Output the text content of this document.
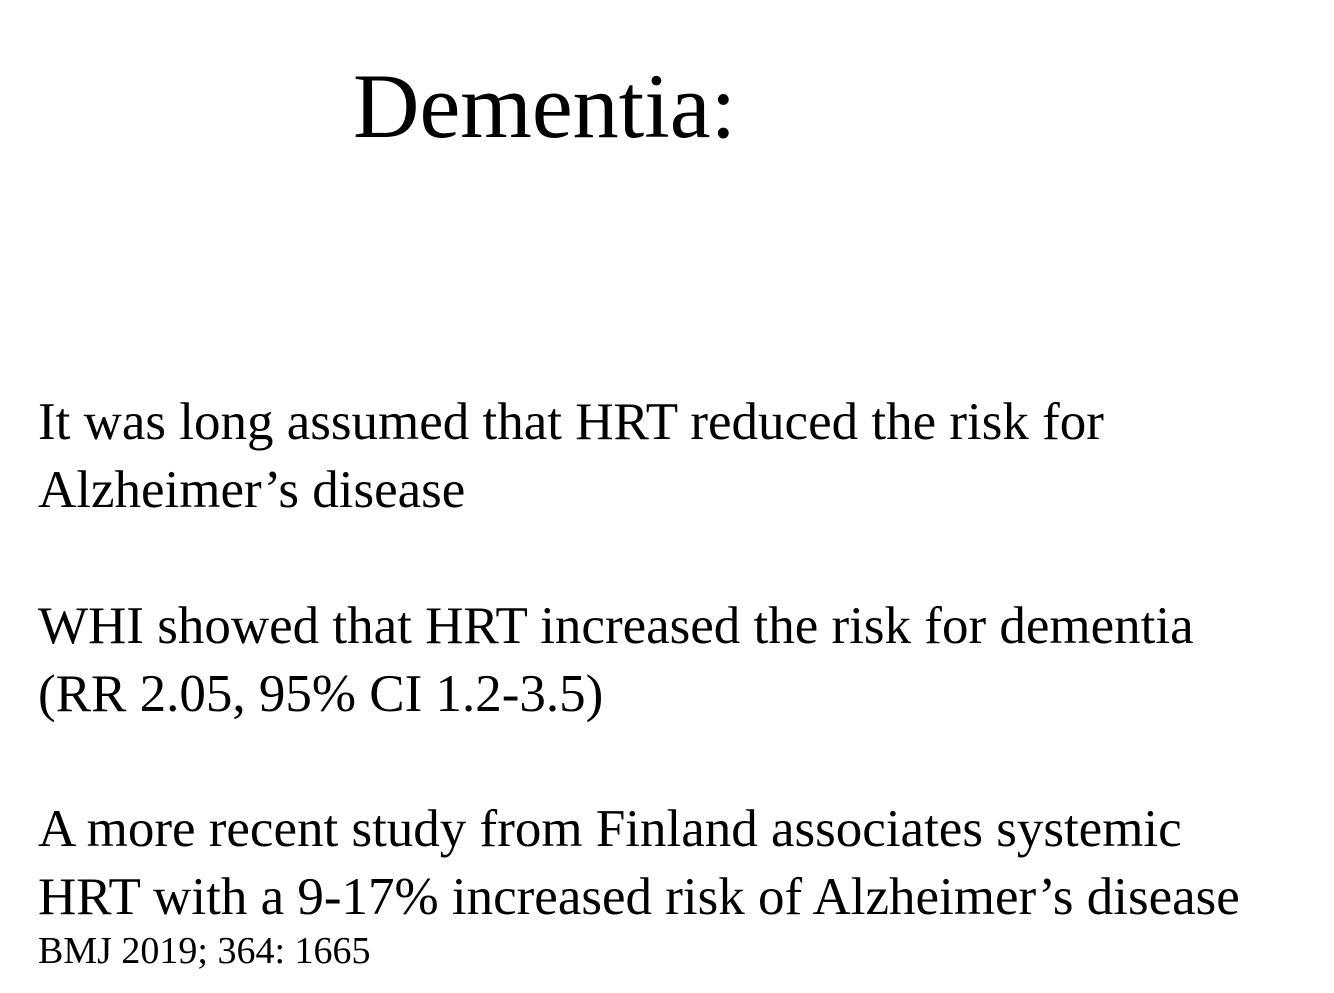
Dementia:
It was long assumed that HRT reduced the risk for
Alzheimer’s disease
WHI showed that HRT increased the risk for dementia
(RR 2.05, 95% CI 1.2-3.5)
A more recent study from Finland associates systemic
HRT with a 9-17% increased risk of Alzheimer’s disease

BMJ 2019; 364: 1665
